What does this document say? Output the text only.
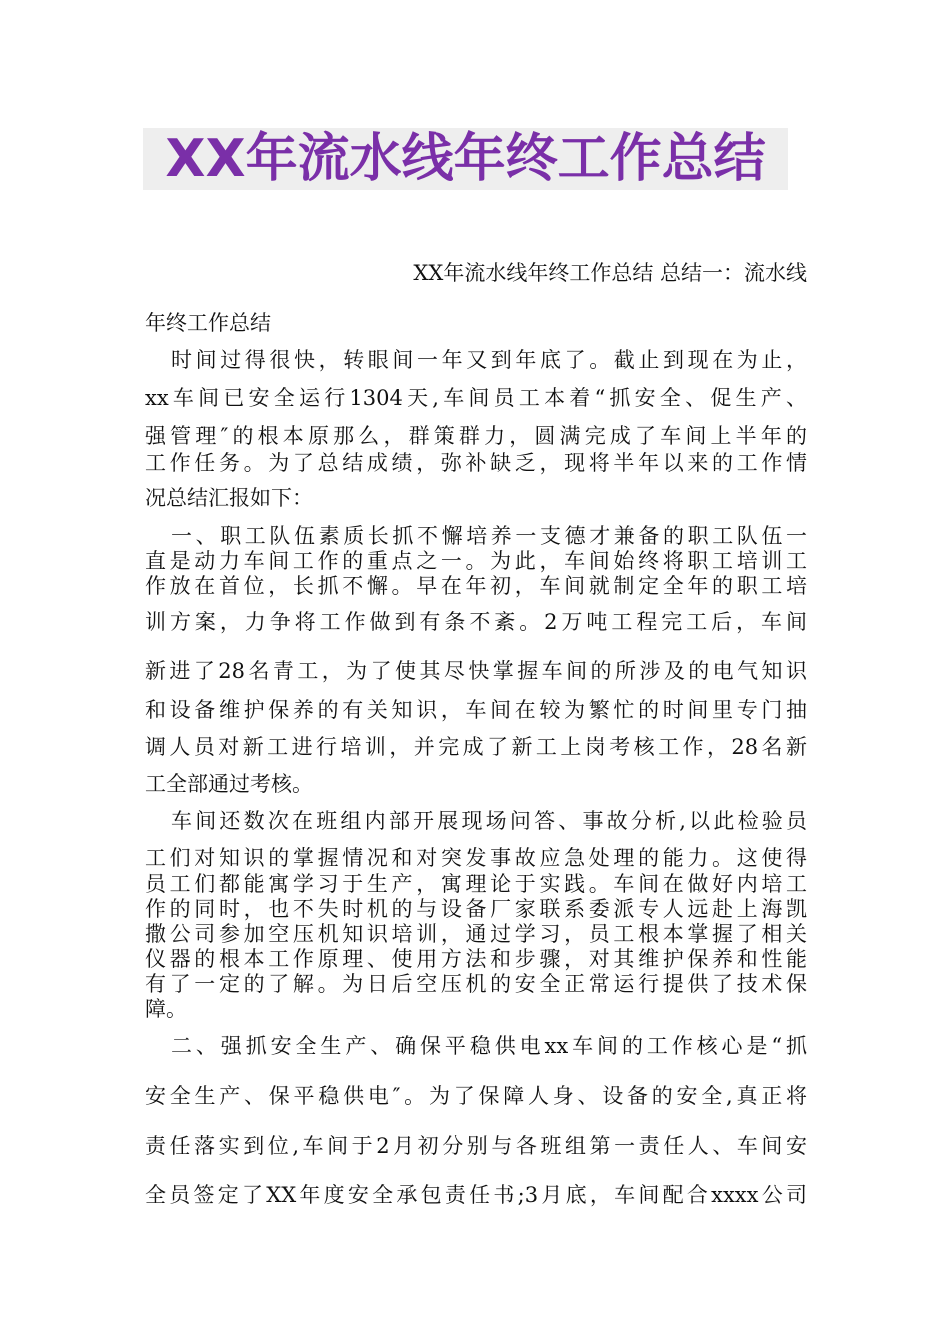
XX年流水线年终工作总结
XX年流水线年终工作总结 总结一：流水线
年终工作总结
时间过得很快，转眼间一年又到年底了。截止到现在为止，
xx车间已安全运行1304天,车间员工本着“抓安全、促生产、
强管理″的根本原那么，群策群力，圆满完成了车间上半年的
工作任务。为了总结成绩，弥补缺乏，现将半年以来的工作情
况总结汇报如下：
一、职工队伍素质长抓不懈培养一支德才兼备的职工队伍一
直是动力车间工作的重点之一。为此，车间始终将职工培训工
作放在首位，长抓不懈。早在年初，车间就制定全年的职工培
训方案，力争将工作做到有条不紊。2万吨工程完工后，车间
新进了28名青工，为了使其尽快掌握车间的所涉及的电气知识
和设备维护保养的有关知识，车间在较为繁忙的时间里专门抽
调人员对新工进行培训，并完成了新工上岗考核工作，28名新
工全部通过考核。
车间还数次在班组内部开展现场问答、事故分析,以此检验员
工们对知识的掌握情况和对突发事故应急处理的能力。这使得
员工们都能寓学习于生产，寓理论于实践。车间在做好内培工
作的同时，也不失时机的与设备厂家联系委派专人远赴上海凯
撒公司参加空压机知识培训，通过学习，员工根本掌握了相关
仪器的根本工作原理、使用方法和步骤，对其维护保养和性能
有了一定的了解。为日后空压机的安全正常运行提供了技术保
障。
二、强抓安全生产、确保平稳供电xx车间的工作核心是“抓
安全生产、保平稳供电″。为了保障人身、设备的安全,真正将
责任落实到位,车间于2月初分别与各班组第一责任人、车间安
全员签定了XX年度安全承包责任书;3月底，车间配合xxxx公司
